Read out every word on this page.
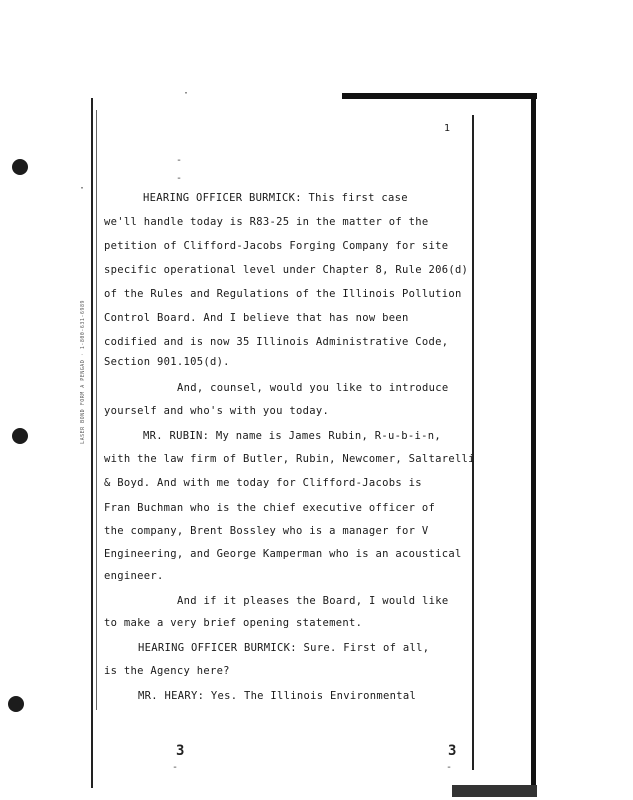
LASER BOND FORM A PENGAD · 1-800-631-6989
1
·
-
-
·
HEARING OFFICER BURMICK: This first case
we'll handle today is R83-25 in the matter of the
petition of Clifford-Jacobs Forging Company for site
specific operational level under Chapter 8, Rule 206(d)
of the Rules and Regulations of the Illinois Pollution
Control Board. And I believe that has now been
codified and is now 35 Illinois Administrative Code,
Section 901.105(d).
And, counsel, would you like to introduce
yourself and who's with you today.
MR. RUBIN: My name is James Rubin, R-u-b-i-n,
with the law firm of Butler, Rubin, Newcomer, Saltarelli
& Boyd. And with me today for Clifford-Jacobs is
Fran Buchman who is the chief executive officer of
the company, Brent Bossley who is a manager for V
Engineering, and George Kamperman who is an acoustical
engineer.
And if it pleases the Board, I would like
to make a very brief opening statement.
HEARING OFFICER BURMICK: Sure. First of all,
is the Agency here?
MR. HEARY: Yes. The Illinois Environmental
3	3
-	-
